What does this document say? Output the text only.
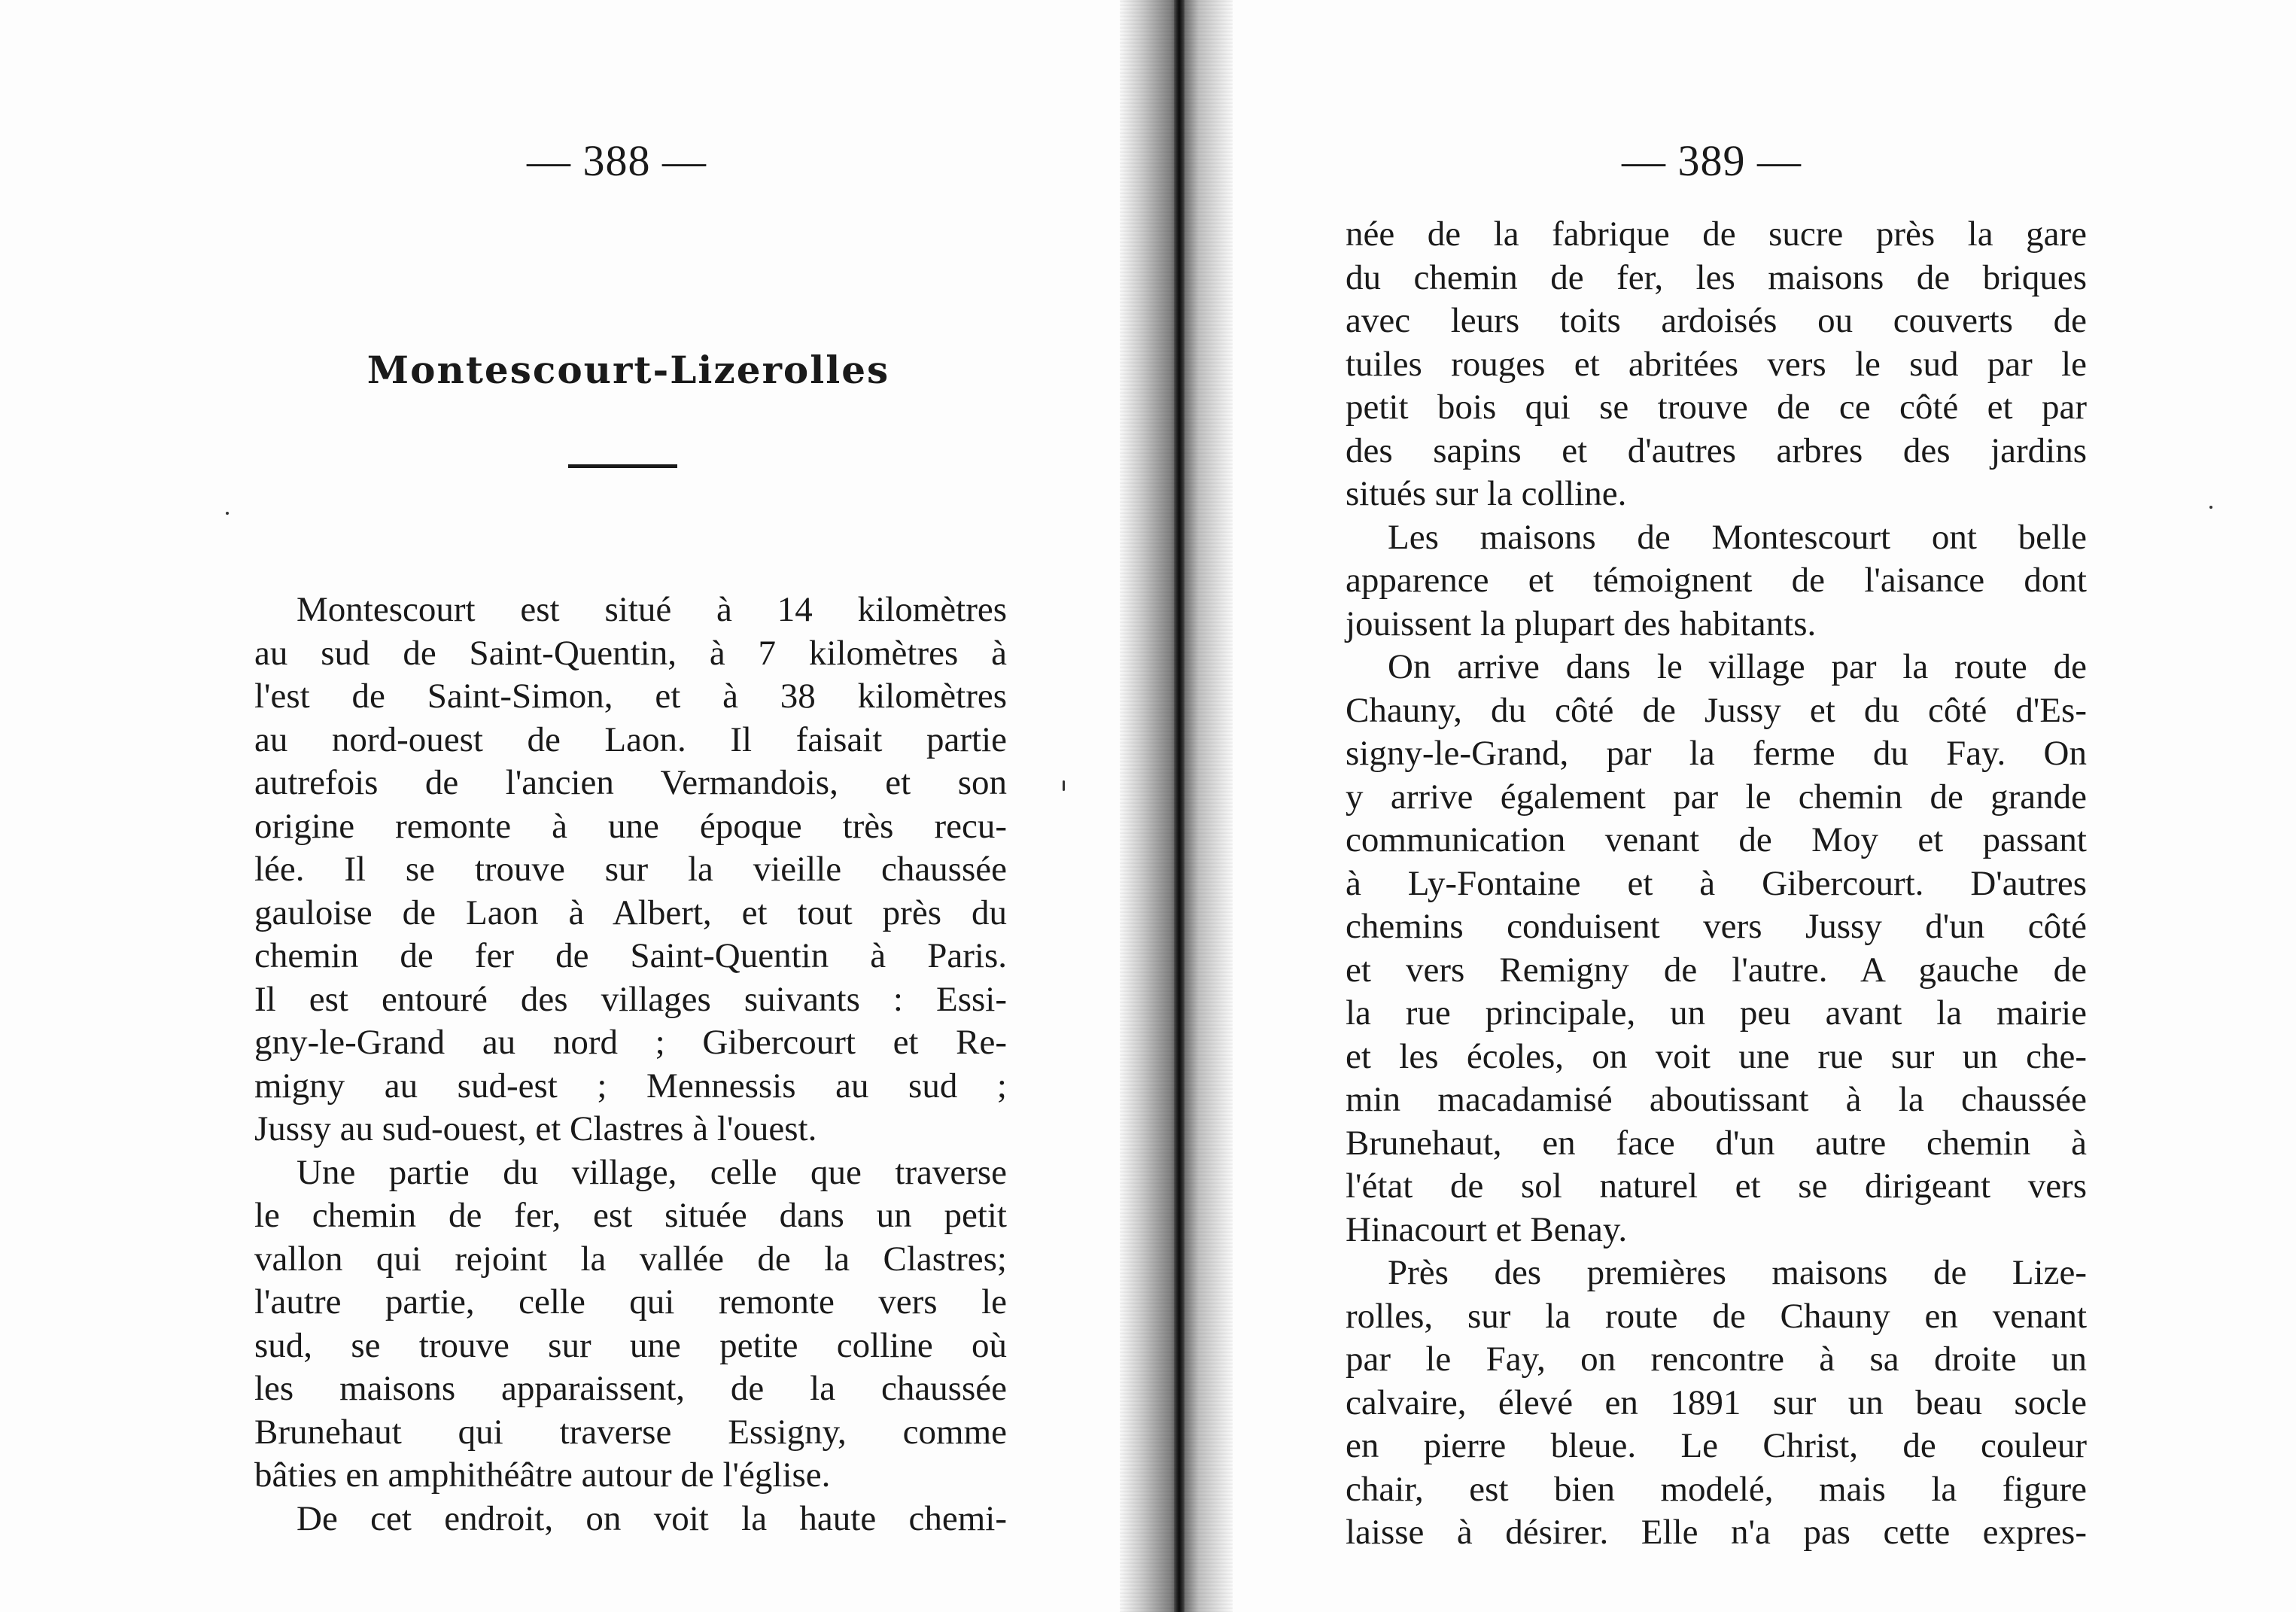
— 388 —
Montescourt-Lizerolles
Montescourt est situé à 14 kilomètres
au sud de Saint-Quentin, à 7 kilomètres à
l'est de Saint-Simon, et à 38 kilomètres
au nord-ouest de Laon. Il faisait partie
autrefois de l'ancien Vermandois, et son
origine remonte à une époque très recu-
lée. Il se trouve sur la vieille chaussée
gauloise de Laon à Albert, et tout près du
chemin de fer de Saint-Quentin à Paris.
Il est entouré des villages suivants : Essi-
gny-le-Grand au nord ; Gibercourt et Re-
migny au sud-est ; Mennessis au sud ;
Jussy au sud-ouest, et Clastres à l'ouest.
Une partie du village, celle que traverse
le chemin de fer, est située dans un petit
vallon qui rejoint la vallée de la Clastres;
l'autre partie, celle qui remonte vers le
sud, se trouve sur une petite colline où
les maisons apparaissent, de la chaussée
Brunehaut qui traverse Essigny, comme
bâties en amphithéâtre autour de l'église.
De cet endroit, on voit la haute chemi-
— 389 —
née de la fabrique de sucre près la gare
du chemin de fer, les maisons de briques
avec leurs toits ardoisés ou couverts de
tuiles rouges et abritées vers le sud par le
petit bois qui se trouve de ce côté et par
des sapins et d'autres arbres des jardins
situés sur la colline.
Les maisons de Montescourt ont belle
apparence et témoignent de l'aisance dont
jouissent la plupart des habitants.
On arrive dans le village par la route de
Chauny, du côté de Jussy et du côté d'Es-
signy-le-Grand, par la ferme du Fay. On
y arrive également par le chemin de grande
communication venant de Moy et passant
à Ly-Fontaine et à Gibercourt. D'autres
chemins conduisent vers Jussy d'un côté
et vers Remigny de l'autre. A gauche de
la rue principale, un peu avant la mairie
et les écoles, on voit une rue sur un che-
min macadamisé aboutissant à la chaussée
Brunehaut, en face d'un autre chemin à
l'état de sol naturel et se dirigeant vers
Hinacourt et Benay.
Près des premières maisons de Lize-
rolles, sur la route de Chauny en venant
par le Fay, on rencontre à sa droite un
calvaire, élevé en 1891 sur un beau socle
en pierre bleue. Le Christ, de couleur
chair, est bien modelé, mais la figure
laisse à désirer. Elle n'a pas cette expres-
